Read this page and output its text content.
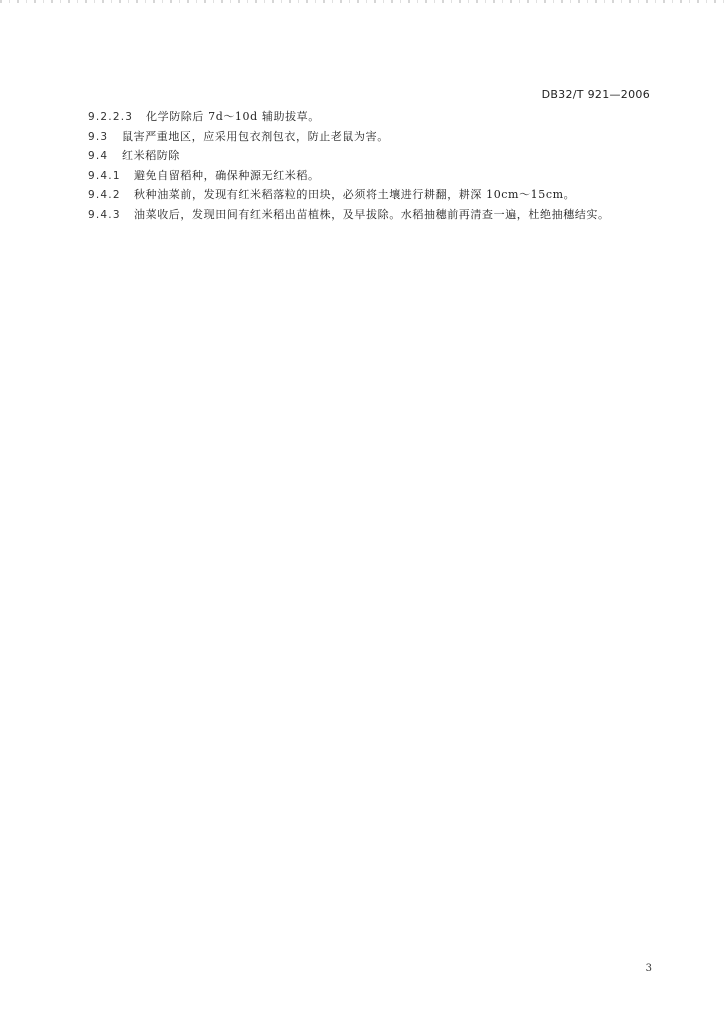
DB32/T 921—2006
9.2.2.3	化学防除后 7d～10d 辅助拔草。
9.3	鼠害严重地区，应采用包衣剂包衣，防止老鼠为害。
9.4	红米稻防除
9.4.1	避免自留稻种，确保种源无红米稻。
9.4.2	秋种油菜前，发现有红米稻落粒的田块，必须将土壤进行耕翻，耕深 10cm～15cm。
9.4.3	油菜收后，发现田间有红米稻出苗植株，及早拔除。水稻抽穗前再清查一遍，杜绝抽穗结实。
3
